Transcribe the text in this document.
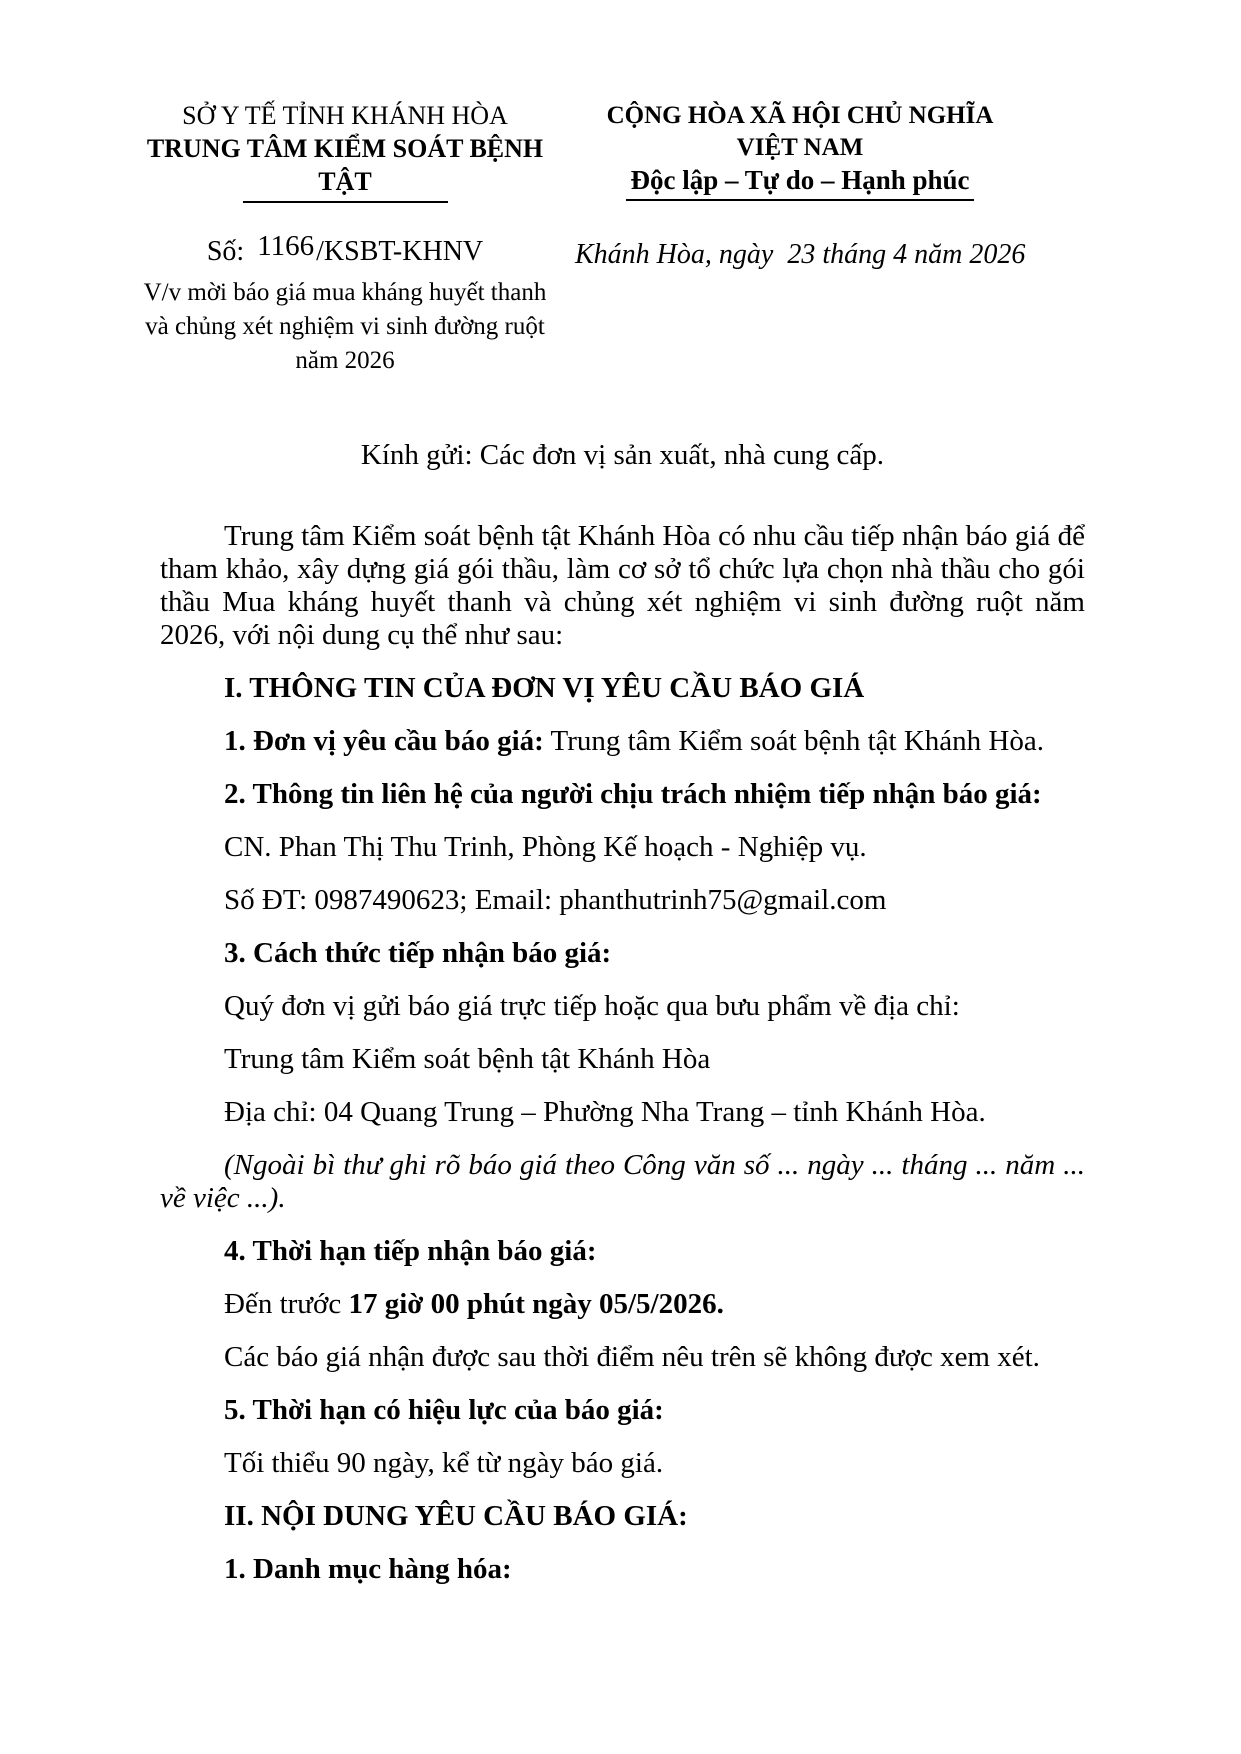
SỞ Y TẾ TỈNH KHÁNH HÒA
TRUNG TÂM KIỂM SOÁT BỆNH TẬT
Số: 1166/KSBT-KHNV
V/v mời báo giá mua kháng huyết thanh
và chủng xét nghiệm vi sinh đường ruột
năm 2026
CỘNG HÒA XÃ HỘI CHỦ NGHĨA VIỆT NAM
Độc lập – Tự do – Hạnh phúc
Khánh Hòa, ngày  23 tháng 4 năm 2026

Kính gửi: Các đơn vị sản xuất, nhà cung cấp.

Trung tâm Kiểm soát bệnh tật Khánh Hòa có nhu cầu tiếp nhận báo giá để tham khảo, xây dựng giá gói thầu, làm cơ sở tổ chức lựa chọn nhà thầu cho gói thầu Mua kháng huyết thanh và chủng xét nghiệm vi sinh đường ruột năm 2026, với nội dung cụ thể như sau:

I. THÔNG TIN CỦA ĐƠN VỊ YÊU CẦU BÁO GIÁ

1. Đơn vị yêu cầu báo giá: Trung tâm Kiểm soát bệnh tật Khánh Hòa.

2. Thông tin liên hệ của người chịu trách nhiệm tiếp nhận báo giá:

CN. Phan Thị Thu Trinh, Phòng Kế hoạch - Nghiệp vụ.

Số ĐT: 0987490623; Email: phanthutrinh75@gmail.com

3. Cách thức tiếp nhận báo giá:

Quý đơn vị gửi báo giá trực tiếp hoặc qua bưu phẩm về địa chỉ:

Trung tâm Kiểm soát bệnh tật Khánh Hòa

Địa chỉ: 04 Quang Trung – Phường Nha Trang – tỉnh Khánh Hòa.

(Ngoài bì thư ghi rõ báo giá theo Công văn số ... ngày ... tháng ... năm ... về việc ...).

4. Thời hạn tiếp nhận báo giá:

Đến trước 17 giờ 00 phút ngày 05/5/2026.

Các báo giá nhận được sau thời điểm nêu trên sẽ không được xem xét.

5. Thời hạn có hiệu lực của báo giá:

Tối thiểu 90 ngày, kể từ ngày báo giá.

II. NỘI DUNG YÊU CẦU BÁO GIÁ:

1. Danh mục hàng hóa:
